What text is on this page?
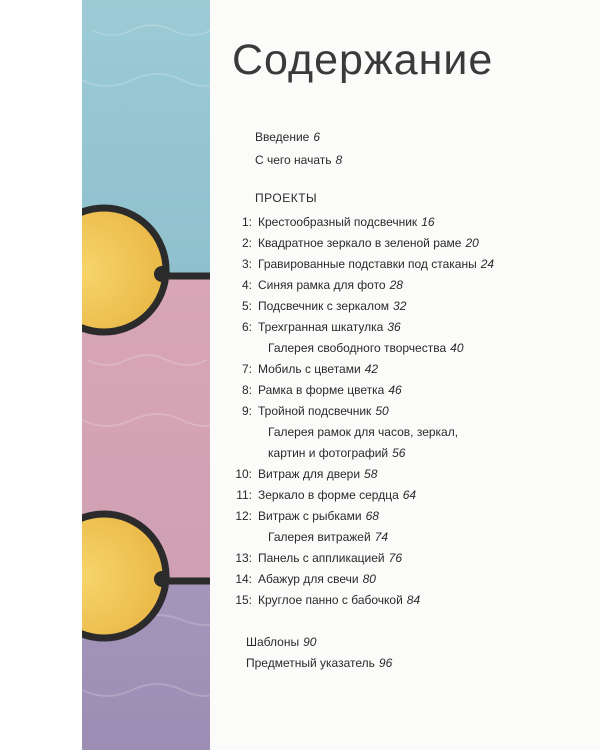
Содержание
Введение 6
С чего начать 8
ПРОЕКТЫ
1: Крестообразный подсвечник 16
2: Квадратное зеркало в зеленой раме 20
3: Гравированные подставки под стаканы 24
4: Синяя рамка для фото 28
5: Подсвечник с зеркалом 32
6: Трехгранная шкатулка 36
Галерея свободного творчества 40
7: Мобиль с цветами 42
8: Рамка в форме цветка 46
9: Тройной подсвечник 50
Галерея рамок для часов, зеркал,
картин и фотографий 56
10: Витраж для двери 58
11: Зеркало в форме сердца 64
12: Витраж с рыбками 68
Галерея витражей 74
13: Панель с аппликацией 76
14: Абажур для свечи 80
15: Круглое панно с бабочкой 84
Шаблоны 90
Предметный указатель 96
